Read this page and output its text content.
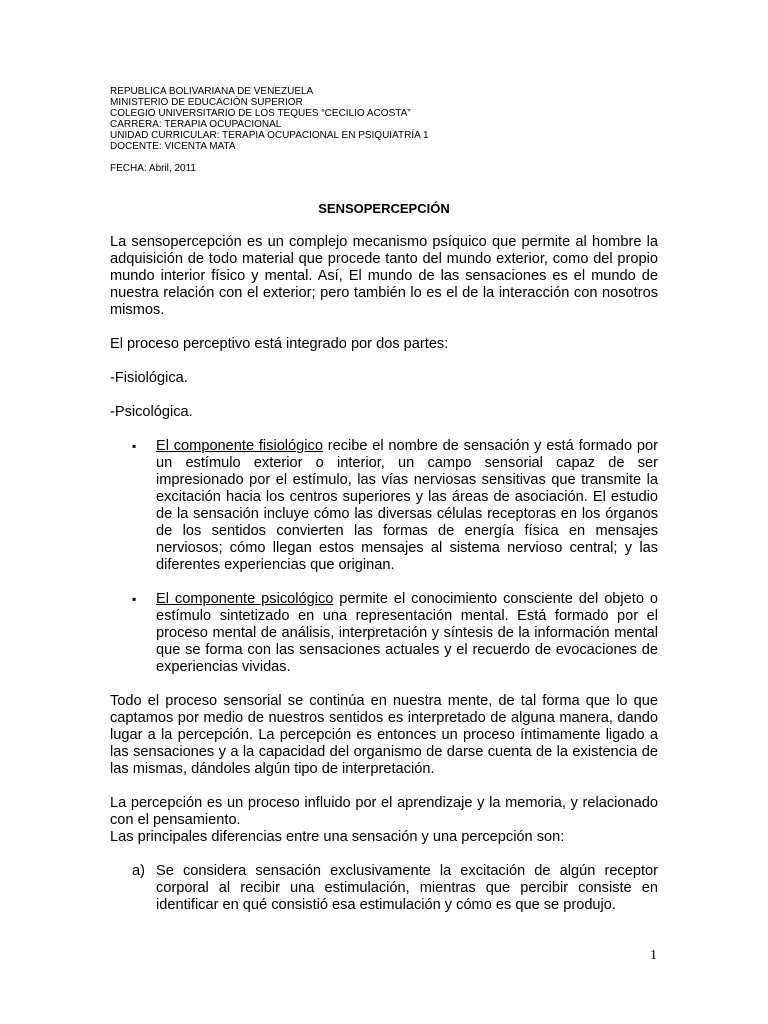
REPUBLICA BOLIVARIANA DE VENEZUELA
MINISTERIO DE EDUCACIÓN SUPERIOR
COLEGIO UNIVERSITARIO DE LOS TEQUES “CECILIO ACOSTA”
CARRERA: TERAPIA OCUPACIONAL
UNIDAD CURRICULAR: TERAPIA OCUPACIONAL EN PSIQUIATRÍA 1
DOCENTE: VICENTA MATA
FECHA: Abril, 2011
SENSOPERCEPCIÓN

La sensopercepción es un complejo mecanismo psíquico que permite al hombre la adquisición de todo material que procede tanto del mundo exterior, como del propio mundo interior físico y mental. Así, El mundo de las sensaciones es el mundo de nuestra relación con el exterior; pero también lo es el de la interacción con nosotros mismos.

El proceso perceptivo está integrado por dos partes:

-Fisiológica.

-Psicológica.

▪ El componente fisiológico recibe el nombre de sensación y está formado por un estímulo exterior o interior, un campo sensorial capaz de ser impresionado por el estímulo, las vías nerviosas sensitivas que transmite la excitación hacia los centros superiores y las áreas de asociación. El estudio de la sensación incluye cómo las diversas células receptoras en los órganos de los sentidos convierten las formas de energía física en mensajes nerviosos; cómo llegan estos mensajes al sistema nervioso central; y las diferentes experiencias que originan.
▪ El componente psicológico permite el conocimiento consciente del objeto o estímulo sintetizado en una representación mental. Está formado por el proceso mental de análisis, interpretación y síntesis de la información mental que se forma con las sensaciones actuales y el recuerdo de evocaciones de experiencias vividas.

Todo el proceso sensorial se continúa en nuestra mente, de tal forma que lo que captamos por medio de nuestros sentidos es interpretado de alguna manera, dando lugar a la percepción. La percepción es entonces un proceso íntimamente ligado a las sensaciones y a la capacidad del organismo de darse cuenta de la existencia de las mismas, dándoles algún tipo de interpretación.

La percepción es un proceso influido por el aprendizaje y la memoria, y relacionado con el pensamiento.

Las principales diferencias entre una sensación y una percepción son:

a) Se considera sensación exclusivamente la excitación de algún receptor corporal al recibir una estimulación, mientras que percibir consiste en identificar en qué consistió esa estimulación y cómo es que se produjo.
1
